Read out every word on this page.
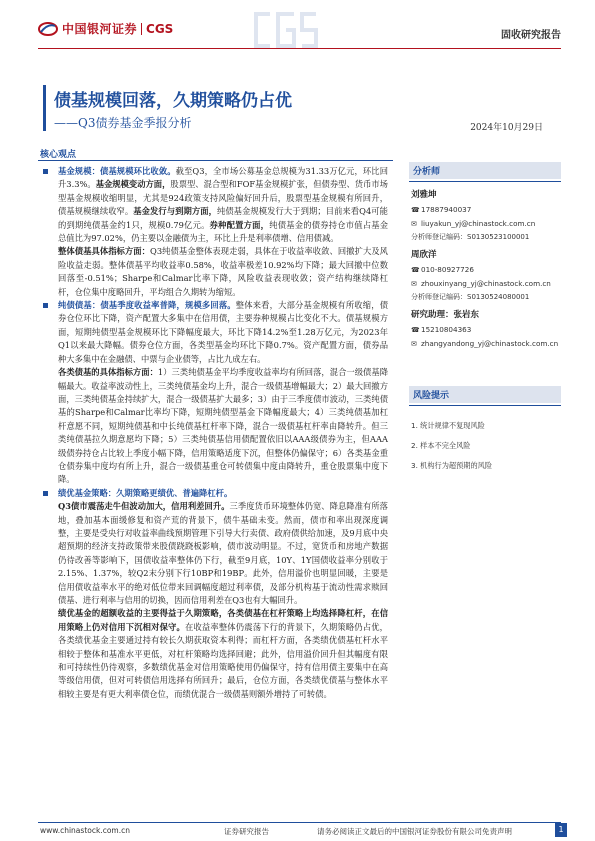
中国银河证券 CGS	固收研究报告
债基规模回落，久期策略仍占优
——Q3债券基金季报分析	2024年10月29日
核心观点
基金规模：债基规模环比收敛。截至Q3，全市场公募基金总规模为31.33万亿元，环比回升3.3%。基金规模变动方面，股票型、混合型和FOF基金规模扩张，但债券型、货币市场型基金规模收缩明显，尤其是924政策支持风险偏好回升后，股票型基金规模有所回升，债基规模继续收窄。基金发行与到期方面，纯债基金规模发行大于到期；目前来看Q4可能的到期纯债基金约1只，规模0.79亿元。券种配置方面，纯债基金的债券持仓市值占基金总值比为97.02%，仍主要以金融债为主，环比上升是利率债增、信用债减。
整体债基具体指标方面：Q3纯债基金整体表现走弱，具体在于收益率收敛、回撤扩大及风险收益走弱。整体债基平均收益率0.58%，收益率极差10.92%均下降；最大回撤中位数回落至-0.51%；Sharpe和Calmar比率下降，风险收益表现收敛；资产结构继续降杠杆，仓位集中度略回升，平均组合久期转为缩短。
纯债债基：债基季度收益率普降，规模多回落。整体来看，大部分基金规模有所收缩，债券仓位环比下降，资产配置大多集中在信用债，主要券种规模占比变化不大。债基规模方面，短期纯债型基金规模环比下降幅度最大，环比下降14.2%至1.28万亿元，为2023年Q1以来最大降幅。债券仓位方面，各类型基金均环比下降0.7%。资产配置方面，债券品种大多集中在金融债、中票与企业债等，占比九成左右。
各类债基的具体指标方面：1）三类纯债基金平均季度收益率均有所回落，混合一级债基降幅最大。收益率波动性上，三类纯债基金均上升，混合一级债基增幅最大；2）最大回撤方面，三类纯债基金持续扩大，混合一级债基扩大最多；3）由于三季度债市波动，三类纯债基的Sharpe和Calmar比率均下降，短期纯债型基金下降幅度最大；4）三类纯债基加杠杆意愿不同，短期纯债基和中长纯债基杠杆率下降，混合一级债基杠杆率由降转升。但三类纯债基拉久期意愿均下降；5）三类纯债基信用债配置依旧以AAA级债券为主，但AAA级债券持仓占比较上季度小幅下降，信用策略适度下沉，但整体仍偏保守；6）各类基金重仓债券集中度均有所上升，混合一级债基重仓可转债集中度由降转升，重仓股票集中度下降。
绩优基金策略：久期策略更绩优、普遍降杠杆。
Q3债市震荡走牛但波动加大，信用利差回升。三季度货币环境整体仍宽、降息降准有所落地，叠加基本面缓修复和资产荒的背景下，债牛基础未变。然而，债市和率出现深度调整，主要是受央行对收益率曲线预期管理下引导大行卖债、政府债供给加速，及9月底中央超预期的经济支持政策带来股债跷跷板影响，债市波动明显。不过，宽货币和房地产数据仍待改善等影响下，国债收益率整体仍下行，截至9月底，10Y、1Y国债收益率分别收于2.15%、1.37%，较Q2末分别下行10BP和19BP。此外，信用溢价也明显回暖，主要是信用债收益率水平的绝对低位带来回调幅度超过利率债，及部分机构基于流动性需求赎回债基、进行利率与信用的切换，因而信用利差在Q3也有大幅回升。
绩优基金的超额收益的主要得益于久期策略，各类债基在杠杆策略上均选择降杠杆，在信用策略上仍对信用下沉相对保守。在收益率整体仍震荡下行的背景下，久期策略仍占优，各类绩优基金主要通过持有较长久期获取资本利得；而杠杆方面，各类绩优债基杠杆水平相较于整体和基准水平更低，对杠杆策略均选择回避；此外，信用溢价回升但其幅度有限和可持续性仍待观察，多数绩优基金对信用策略使用仍偏保守，持有信用债主要集中在高等级信用债，但对可转债信用选择有所回升；最后，仓位方面，各类绩优债基与整体水平相较主要是有更大利率债仓位，而绩优混合一级债基则额外增持了可转债。
分析师
刘雅坤
☎ 17887940037
✉ liuyakun_yj@chinastock.com.cn
分析师登记编码：S0130523100001
周欣洋
☎ 010-80927726
✉ zhouxinyang_yj@chinastock.com.cn
分析师登记编码：S0130524080001
研究助理： 张岩东
☎ 15210804363
✉ zhangyandong_yj@chinastock.com.cn
风险提示
1. 统计规律不复现风险
2. 样本不完全风险
3. 机构行为超预期的风险
www.chinastock.com.cn	证券研究报告	请务必阅读正文最后的中国银河证券股份有限公司免责声明	1
